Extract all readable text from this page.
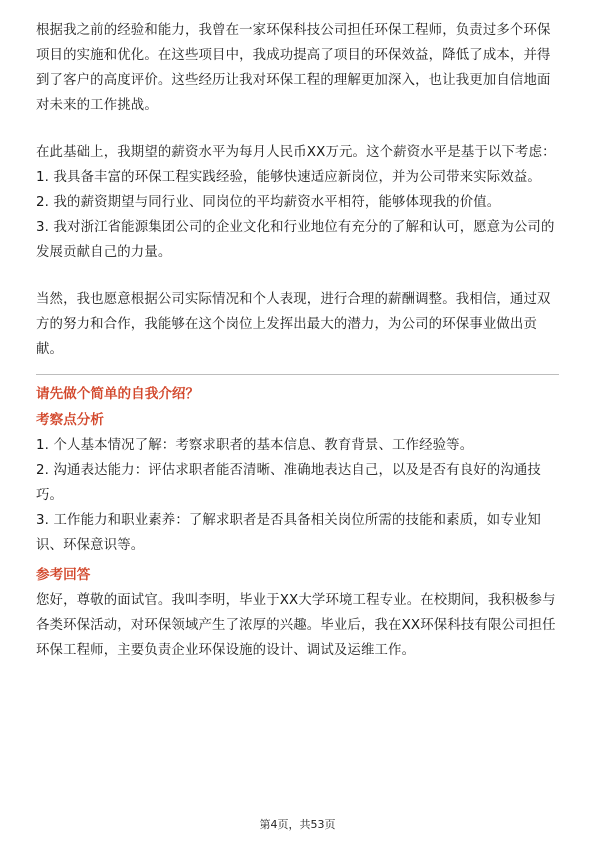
根据我之前的经验和能力，我曾在一家环保科技公司担任环保工程师，负责过多个环保项目的实施和优化。在这些项目中，我成功提高了项目的环保效益，降低了成本，并得到了客户的高度评价。这些经历让我对环保工程的理解更加深入，也让我更加自信地面对未来的工作挑战。

在此基础上，我期望的薪资水平为每月人民币XX万元。这个薪资水平是基于以下考虑：

1. 我具备丰富的环保工程实践经验，能够快速适应新岗位，并为公司带来实际效益。

2. 我的薪资期望与同行业、同岗位的平均薪资水平相符，能够体现我的价值。

3. 我对浙江省能源集团公司的企业文化和行业地位有充分的了解和认可，愿意为公司的发展贡献自己的力量。

当然，我也愿意根据公司实际情况和个人表现，进行合理的薪酬调整。我相信，通过双方的努力和合作，我能够在这个岗位上发挥出最大的潜力，为公司的环保事业做出贡献。

请先做个简单的自我介绍？
考察点分析

1. 个人基本情况了解：考察求职者的基本信息、教育背景、工作经验等。

2. 沟通表达能力：评估求职者能否清晰、准确地表达自己，以及是否有良好的沟通技巧。

3. 工作能力和职业素养：了解求职者是否具备相关岗位所需的技能和素质，如专业知识、环保意识等。

参考回答

您好，尊敬的面试官。我叫李明，毕业于XX大学环境工程专业。在校期间，我积极参与各类环保活动，对环保领域产生了浓厚的兴趣。毕业后，我在XX环保科技有限公司担任环保工程师，主要负责企业环保设施的设计、调试及运维工作。

第4页，共53页
